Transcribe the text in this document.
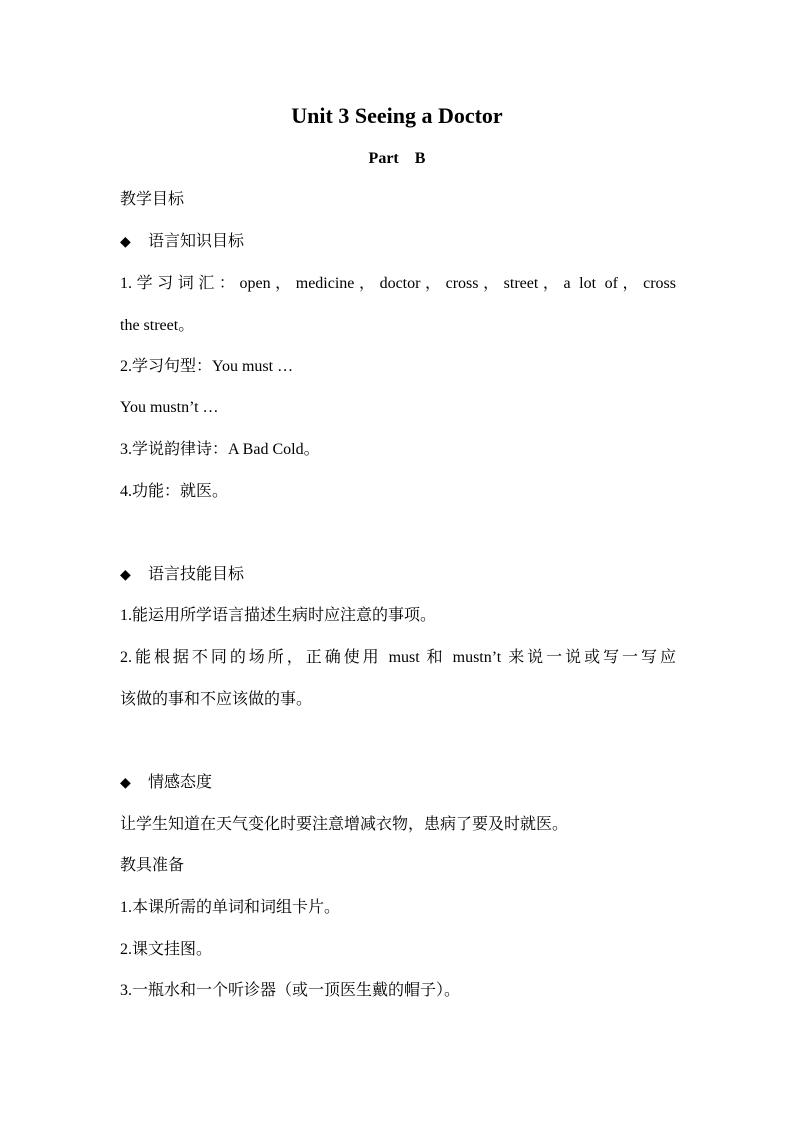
Unit 3 Seeing a Doctor
Part　B
教学目标
◆ 语言知识目标
1.学习词汇：open，medicine，doctor，cross，street，a lot of，cross
the street。
2.学习句型：You must …
You mustn’t …
3.学说韵律诗：A Bad Cold。
4.功能：就医。
◆ 语言技能目标
1.能运用所学语言描述生病时应注意的事项。
2.能根据不同的场所，正确使用 must 和 mustn’t 来说一说或写一写应
该做的事和不应该做的事。
◆ 情感态度
让学生知道在天气变化时要注意增减衣物，患病了要及时就医。
教具准备
1.本课所需的单词和词组卡片。
2.课文挂图。
3.一瓶水和一个听诊器（或一顶医生戴的帽子）。
